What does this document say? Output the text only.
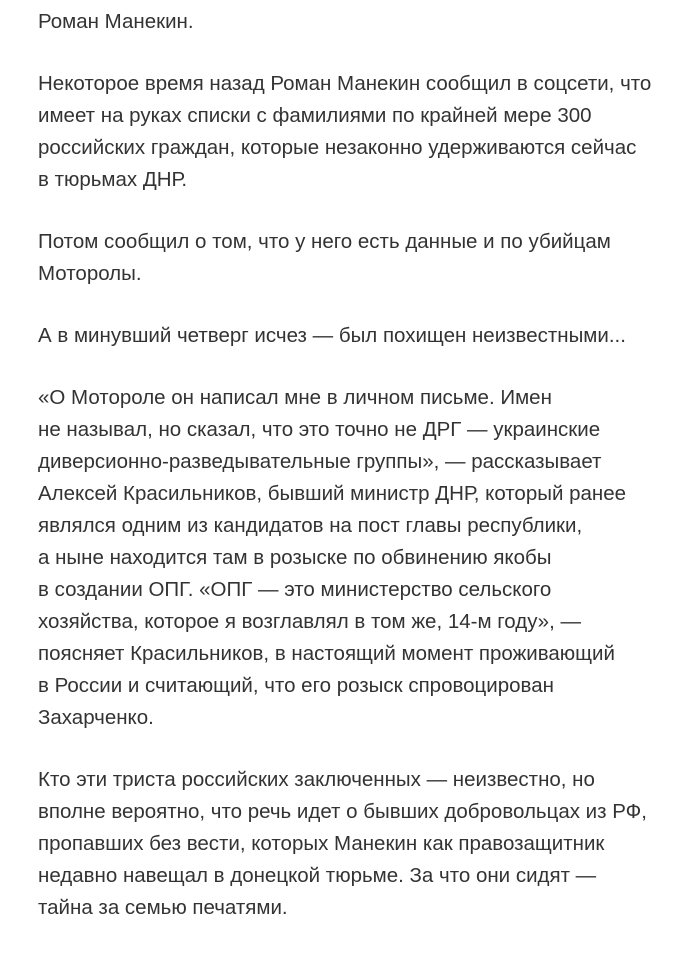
Роман Манекин.

Некоторое время назад Роман Манекин сообщил в соцсети, что
имеет на руках списки с фамилиями по крайней мере 300
российских граждан, которые незаконно удерживаются сейчас
в тюрьмах ДНР.

Потом сообщил о том, что у него есть данные и по убийцам
Моторолы.

А в минувший четверг исчез — был похищен неизвестными...

«О Мотороле он написал мне в личном письме. Имен
не называл, но сказал, что это точно не ДРГ — украинские
диверсионно-разведывательные группы», — рассказывает
Алексей Красильников, бывший министр ДНР, который ранее
являлся одним из кандидатов на пост главы республики,
а ныне находится там в розыске по обвинению якобы
в создании ОПГ. «ОПГ — это министерство сельского
хозяйства, которое я возглавлял в том же, 14-м году», —
поясняет Красильников, в настоящий момент проживающий
в России и считающий, что его розыск спровоцирован
Захарченко.

Кто эти триста российских заключенных — неизвестно, но
вполне вероятно, что речь идет о бывших добровольцах из РФ,
пропавших без вести, которых Манекин как правозащитник
недавно навещал в донецкой тюрьме. За что они сидят —
тайна за семью печатями.
